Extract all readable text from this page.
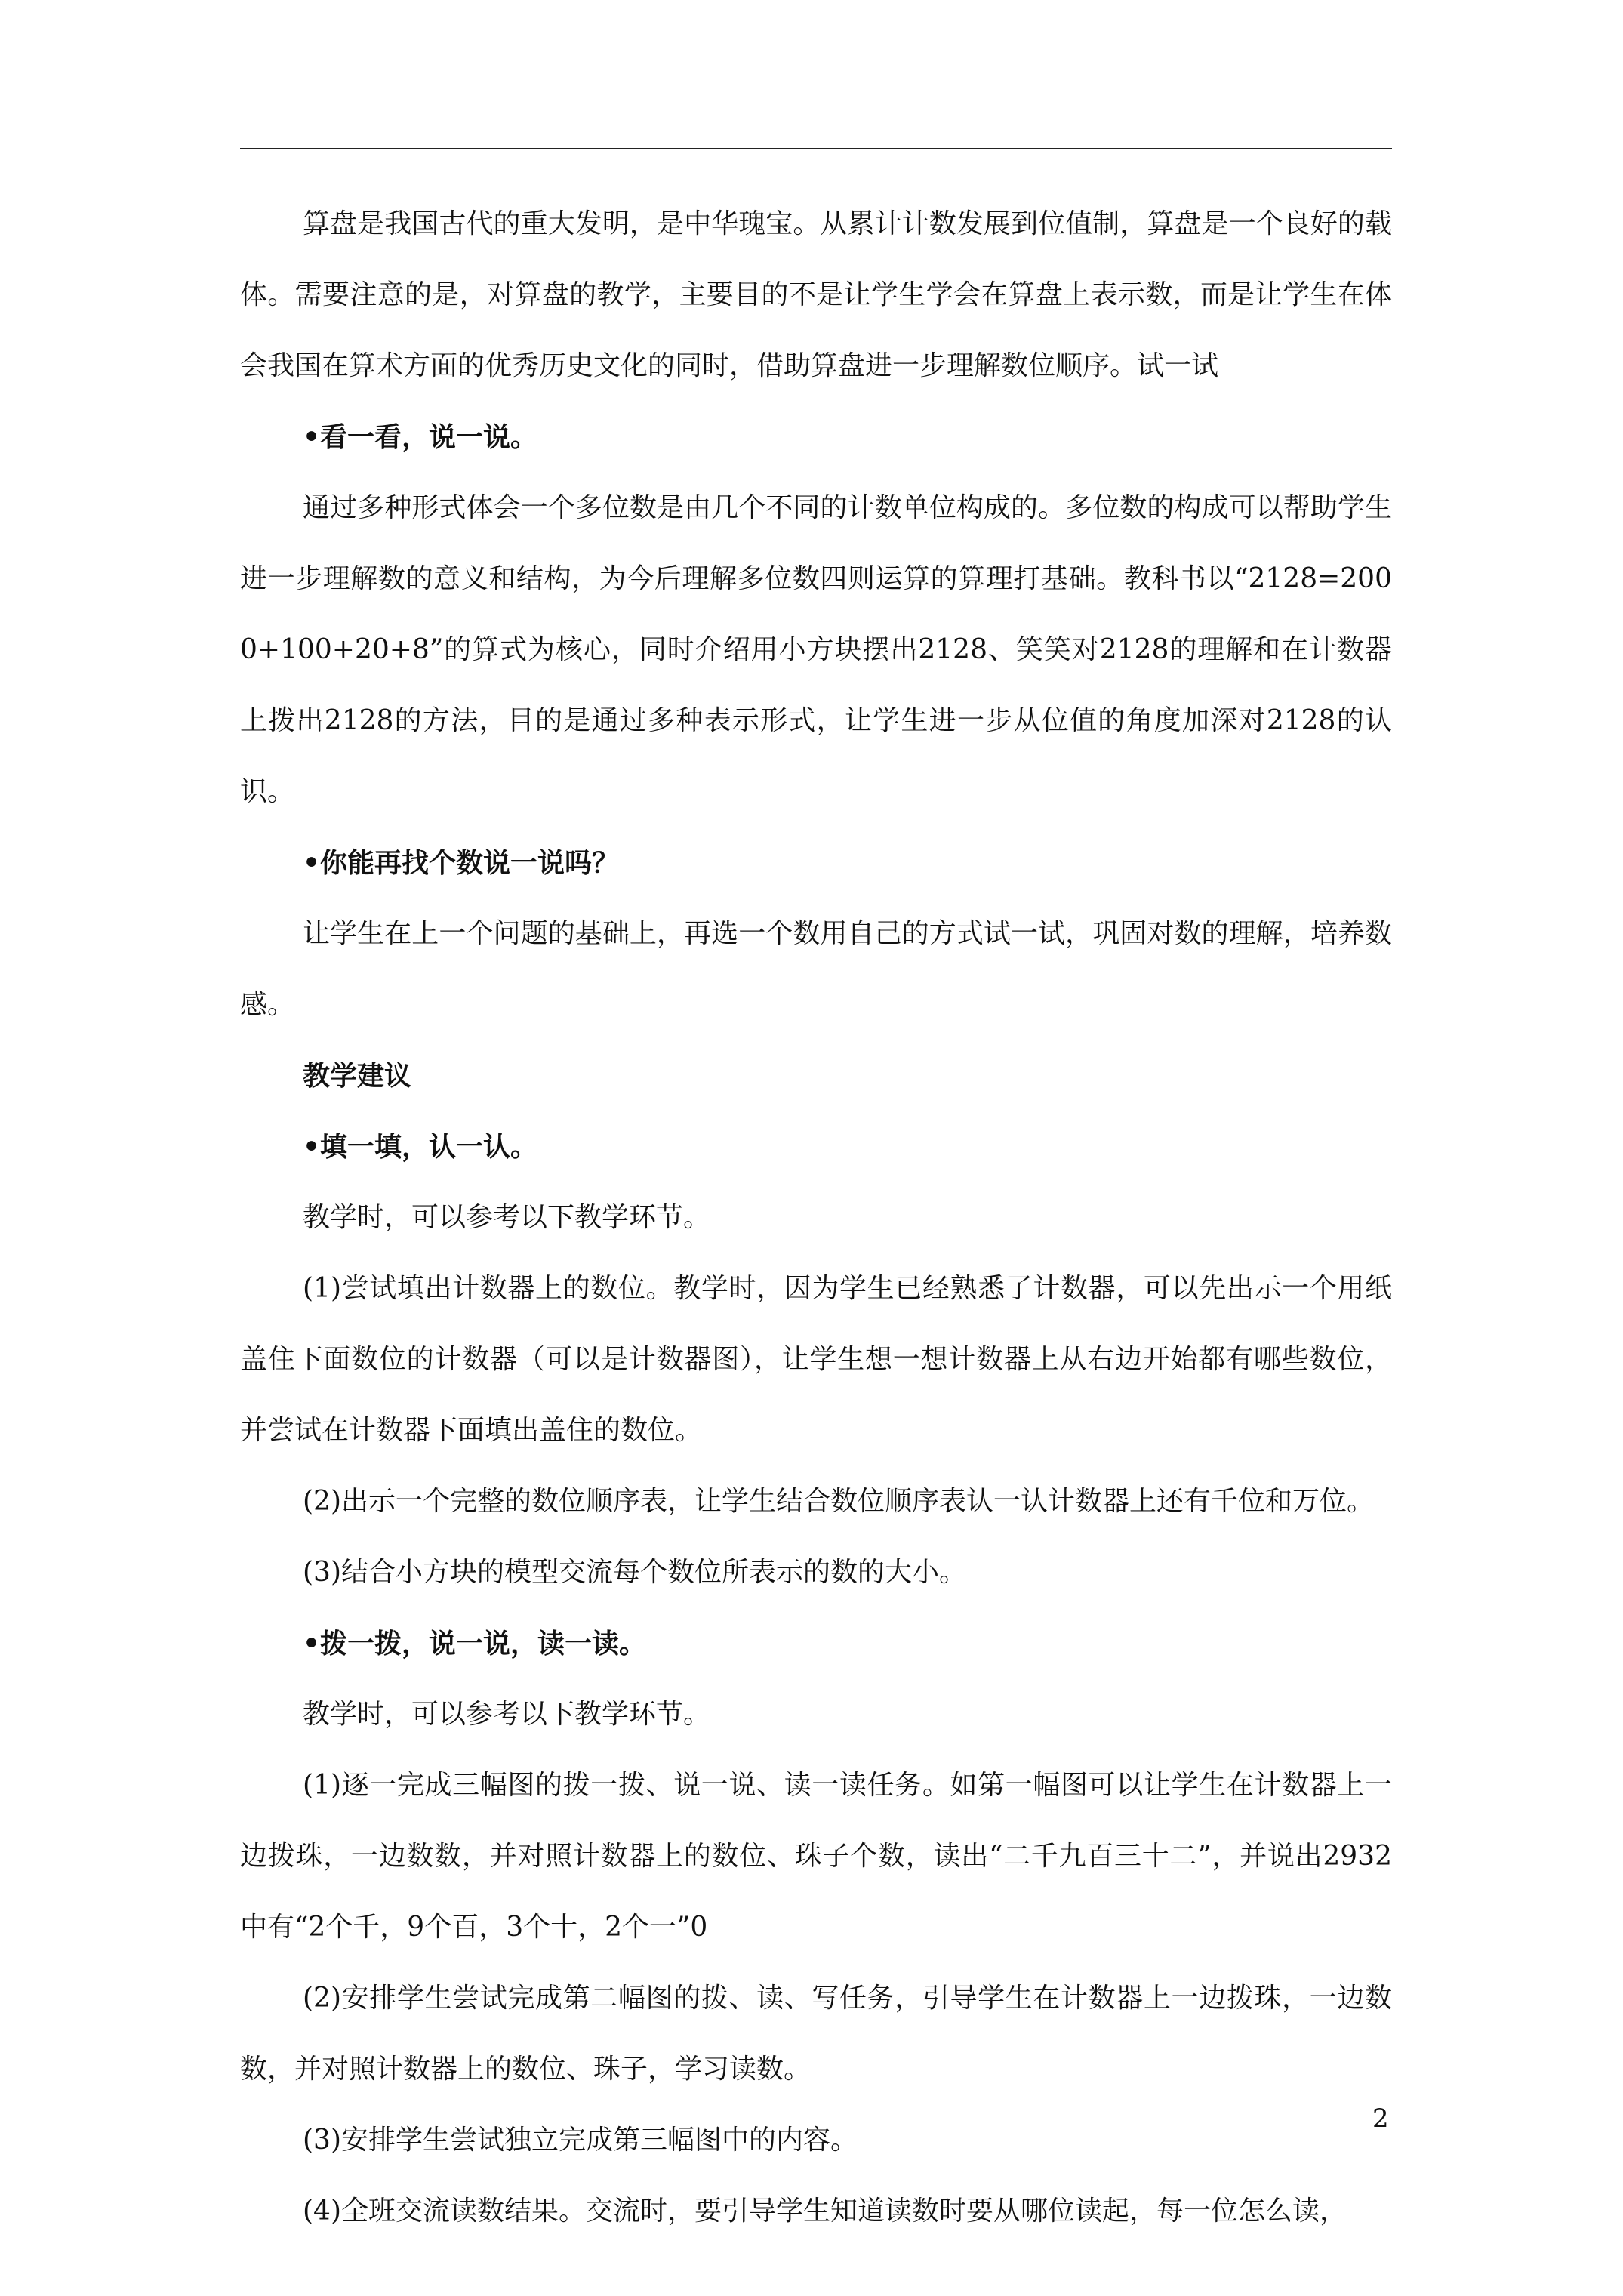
算盘是我国古代的重大发明，是中华瑰宝。从累计计数发展到位值制，算盘是一个良好的载体。需要注意的是，对算盘的教学，主要目的不是让学生学会在算盘上表示数，而是让学生在体会我国在算术方面的优秀历史文化的同时，借助算盘进一步理解数位顺序。试一试

•看一看，说一说。

通过多种形式体会一个多位数是由几个不同的计数单位构成的。多位数的构成可以帮助学生进一步理解数的意义和结构，为今后理解多位数四则运算的算理打基础。教科书以“2128=2000+100+20+8”的算式为核心，同时介绍用小方块摆出2128、笑笑对2128的理解和在计数器上拨出2128的方法，目的是通过多种表示形式，让学生进一步从位值的角度加深对2128的认识。

•你能再找个数说一说吗？

让学生在上一个问题的基础上，再选一个数用自己的方式试一试，巩固对数的理解，培养数感。

教学建议

•填一填，认一认。

教学时，可以参考以下教学环节。

(1)尝试填出计数器上的数位。教学时，因为学生已经熟悉了计数器，可以先出示一个用纸盖住下面数位的计数器（可以是计数器图），让学生想一想计数器上从右边开始都有哪些数位，并尝试在计数器下面填出盖住的数位。

(2)出示一个完整的数位顺序表，让学生结合数位顺序表认一认计数器上还有千位和万位。

(3)结合小方块的模型交流每个数位所表示的数的大小。

•拨一拨，说一说，读一读。

教学时，可以参考以下教学环节。

(1)逐一完成三幅图的拨一拨、说一说、读一读任务。如第一幅图可以让学生在计数器上一边拨珠，一边数数，并对照计数器上的数位、珠子个数，读出“二千九百三十二”，并说出2932中有“2个千，9个百，3个十，2个一”0

(2)安排学生尝试完成第二幅图的拨、读、写任务，引导学生在计数器上一边拨珠，一边数数，并对照计数器上的数位、珠子，学习读数。

(3)安排学生尝试独立完成第三幅图中的内容。

(4)全班交流读数结果。交流时，要引导学生知道读数时要从哪位读起，每一位怎么读，

2
